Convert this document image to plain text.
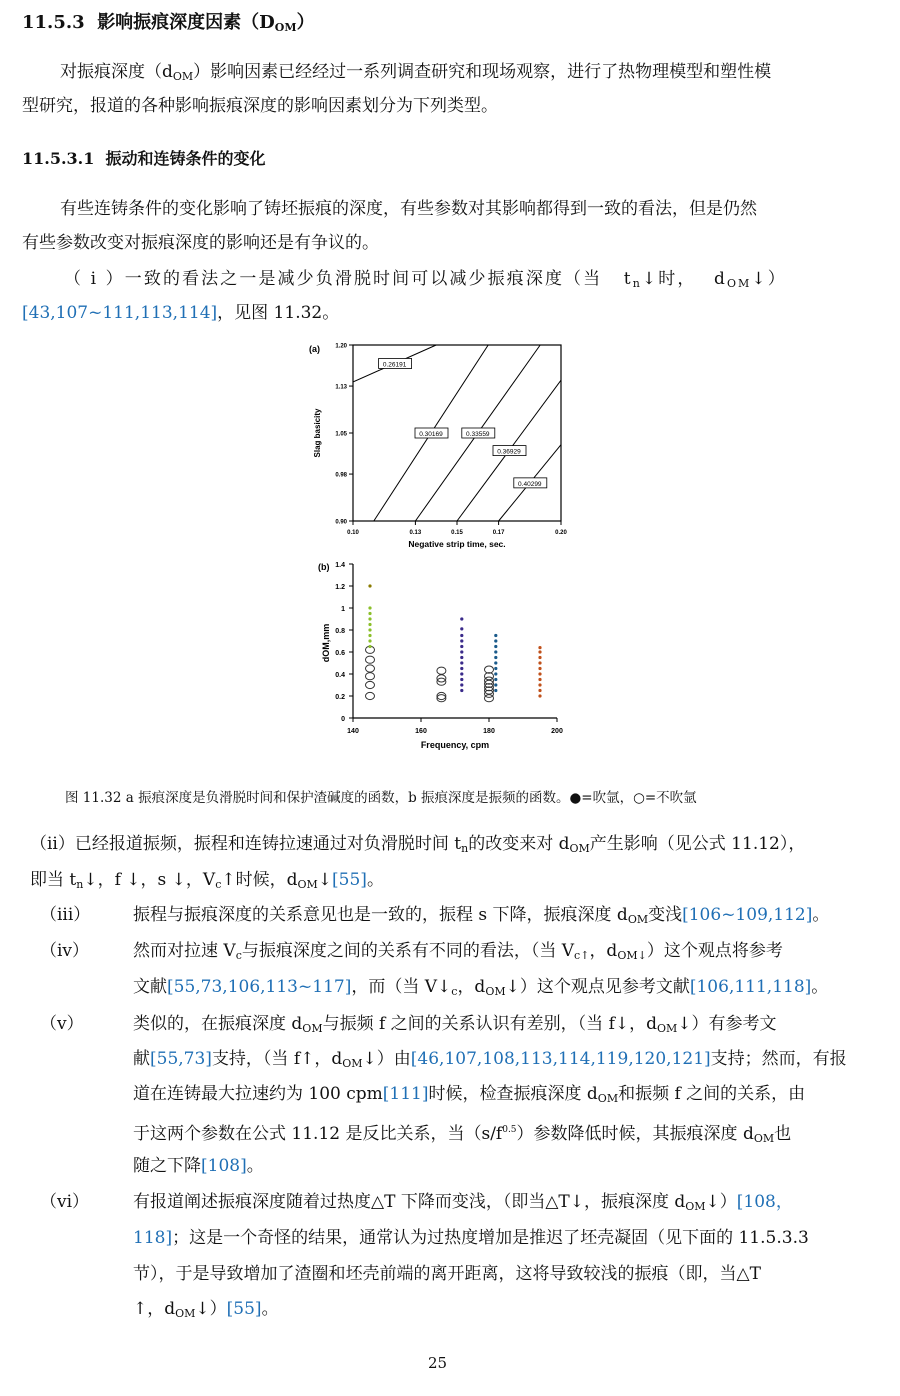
11.5.3 影响振痕深度因素$(D_{OM})$
对振痕深度$(d_{OM})$影响因素已经经过一系列调查研究和现场观察，进行了热物理模型和塑性模
型研究，报道的各种影响振痕深度的影响因素划分为下列类型。
11.5.3.1 振动和连铸条件的变化
有些连铸条件的变化影响了铸坯振痕的深度，有些参数对其影响都得到一致的看法，但是仍然
有些参数改变对振痕深度的影响还是有争议的。
（ i ）一致的看法之一是减少负滑脱时间可以减少振痕深度（当 $t_n↓$时， $d_{OM}↓$）
[43,107~111,113,114]，见图 11.32。
(a)	1.20
1.13
1.05
0.98
0.90
0.10	0.13	0.15	0.17	0.20
0.26191
0.30169	0.33559
0.36929
0.40299
Negative strip time, sec.
Slag basicity
(b)
0
0.2
0.4
0.6
0.8
1
1.2
1.4
140	160	180	200
Frequency, cpm
dOM,mm
图 11.32 a 振痕深度是负滑脱时间和保护渣碱度的函数，b 振痕深度是振频的函数。●=吹氩，○=不吹氩
（ii）已经报道振频，振程和连铸拉速通过对负滑脱时间 $t_n$的改变来对 $d_{OM}$产生影响（见公式 11.12），
即当 $t_n↓$，f ↓，s ↓，$V_c↑$时候，$d_{OM}↓[55]$。
（iii）	振程与振痕深度的关系意见也是一致的，振程 s 下降，振痕深度 $d_{OM}$变浅[106~109,112]。
（iv）	然而对拉速 $V_c$与振痕深度之间的关系有不同的看法，（当 $V_{c↑}$，$d_{OM↓}$）这个观点将参考
文献[55,73,106,113~117]，而（当 $V↓_c$，$d_{OM}↓$）这个观点见参考文献[106,111,118]。
（v）	类似的，在振痕深度 $d_{OM}$与振频 f 之间的关系认识有差别，（当 f↓，$d_{OM}↓$）有参考文
献[55,73]支持，（当 f↑，$d_{OM}↓$）由[46,107,108,113,114,119,120,121]支持；然而，有报
道在连铸最大拉速约为 100 cpm[111]时候，检查振痕深度 $d_{OM}$和振频 f 之间的关系，由
于这两个参数在公式 11.12 是反比关系，当$(s/f^{0.5})$参数降低时候，其振痕深度 $d_{OM}$也
随之下降[108]。
（vi）	有报道阐述振痕深度随着过热度△T 下降而变浅，（即当△T↓，振痕深度 $d_{OM}↓)[108$，
118]；这是一个奇怪的结果，通常认为过热度增加是推迟了坯壳凝固（见下面的 11.5.3.3
节），于是导致增加了渣圈和坯壳前端的离开距离，这将导致较浅的振痕（即，当△T
↑，$d_{OM}↓)[55]$。
25
